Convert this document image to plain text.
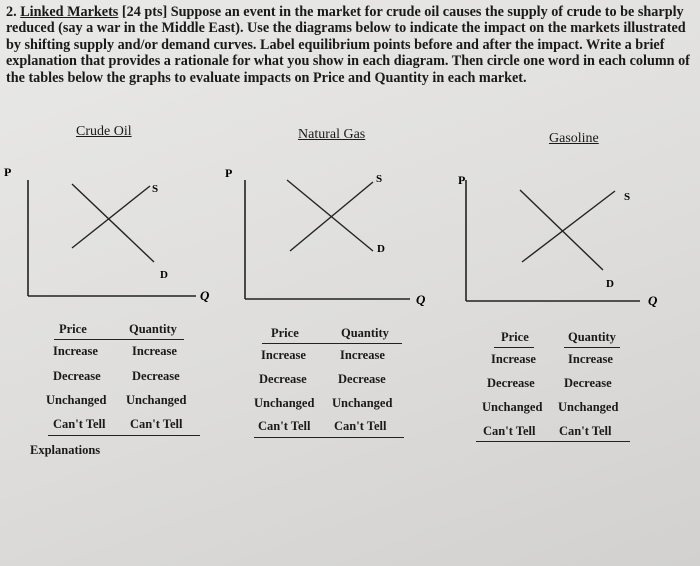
2. Linked Markets [24 pts] Suppose an event in the market for crude oil causes the supply of crude to be sharply reduced (say a war in the Middle East). Use the diagrams below to indicate the impact on the markets illustrated by shifting supply and/or demand curves. Label equilibrium points before and after the impact. Write a brief explanation that provides a rationale for what you show in each diagram. Then circle one word in each column of the tables below the graphs to evaluate impacts on Price and Quantity in each market.
Crude Oil	Natural Gas	Gasoline
P
Q
S
D
P
Q
S
D
P
Q
S
D
Price	Quantity
Increase	Increase
Decrease	Decrease
Unchanged Unchanged
Can't Tell Can't Tell
Price	Quantity
Increase	Increase
Decrease	Decrease
Unchanged Unchanged
Can't Tell Can't Tell
Price	Quantity
Increase	Increase
Decrease Decrease
Unchanged Unchanged
Can't Tell Can't Tell
Explanations
